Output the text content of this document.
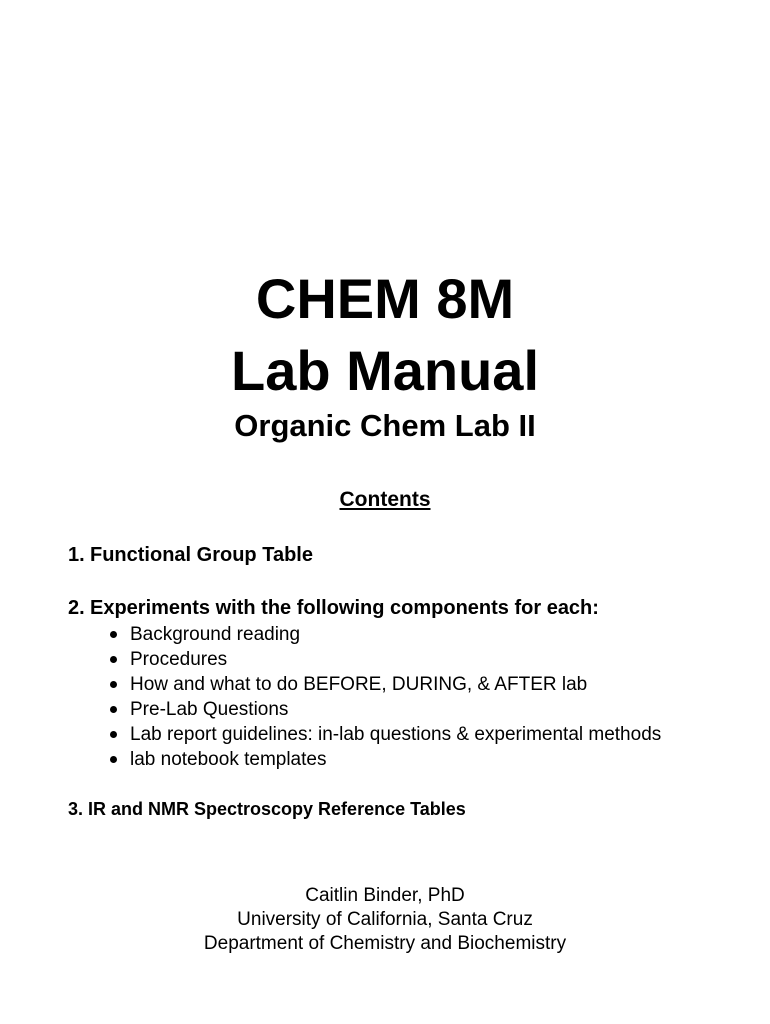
CHEM 8M
Lab Manual
Organic Chem Lab II
Contents
1. Functional Group Table
2. Experiments with the following components for each:
Background reading
Procedures
How and what to do BEFORE, DURING, & AFTER lab
Pre-Lab Questions
Lab report guidelines: in-lab questions & experimental methods
lab notebook templates
3. IR and NMR Spectroscopy Reference Tables
Caitlin Binder, PhD
University of California, Santa Cruz
Department of Chemistry and Biochemistry
